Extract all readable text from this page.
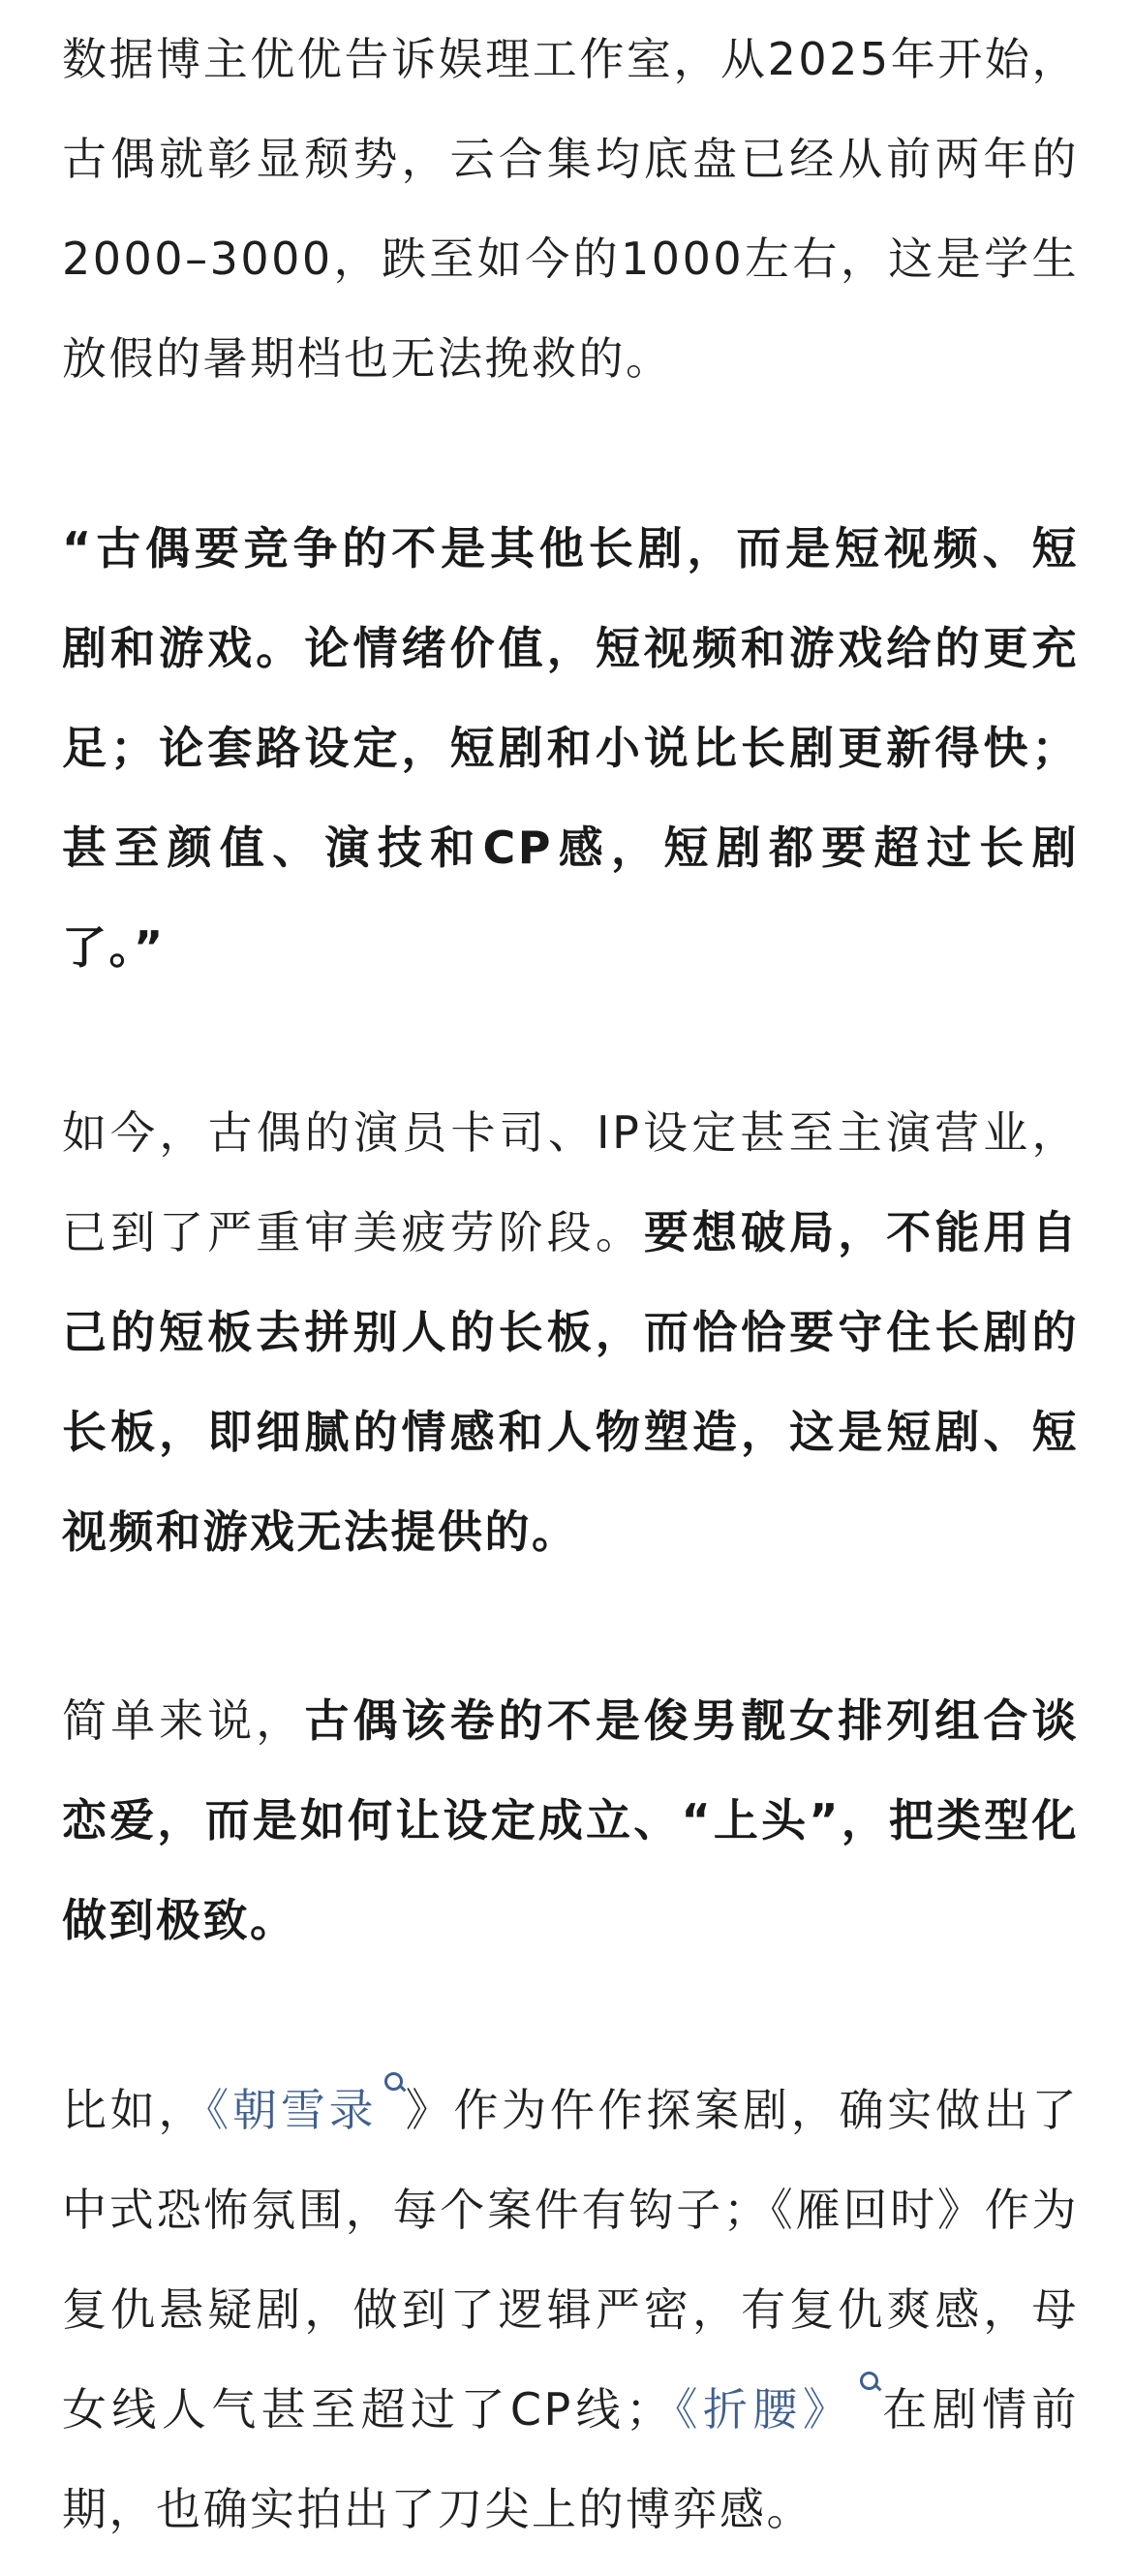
数据博主优优告诉娱理工作室，从2025年开始，古偶就彰显颓势，云合集均底盘已经从前两年的2000–3000，跌至如今的1000左右，这是学生放假的暑期档也无法挽救的。

“古偶要竞争的不是其他长剧，而是短视频、短剧和游戏。论情绪价值，短视频和游戏给的更充足；论套路设定，短剧和小说比长剧更新得快；甚至颜值、演技和CP感，短剧都要超过长剧了。”

如今，古偶的演员卡司、IP设定甚至主演营业，已到了严重审美疲劳阶段。要想破局，不能用自己的短板去拼别人的长板，而恰恰要守住长剧的长板，即细腻的情感和人物塑造，这是短剧、短视频和游戏无法提供的。

简单来说，古偶该卷的不是俊男靓女排列组合谈恋爱，而是如何让设定成立、“上头”，把类型化做到极致。

比如，《朝雪录 》作为仵作探案剧，确实做出了中式恐怖氛围，每个案件有钩子；《雁回时》作为复仇悬疑剧，做到了逻辑严密，有复仇爽感，母女线人气甚至超过了CP线；《折腰》 在剧情前期，也确实拍出了刀尖上的博弈感。
